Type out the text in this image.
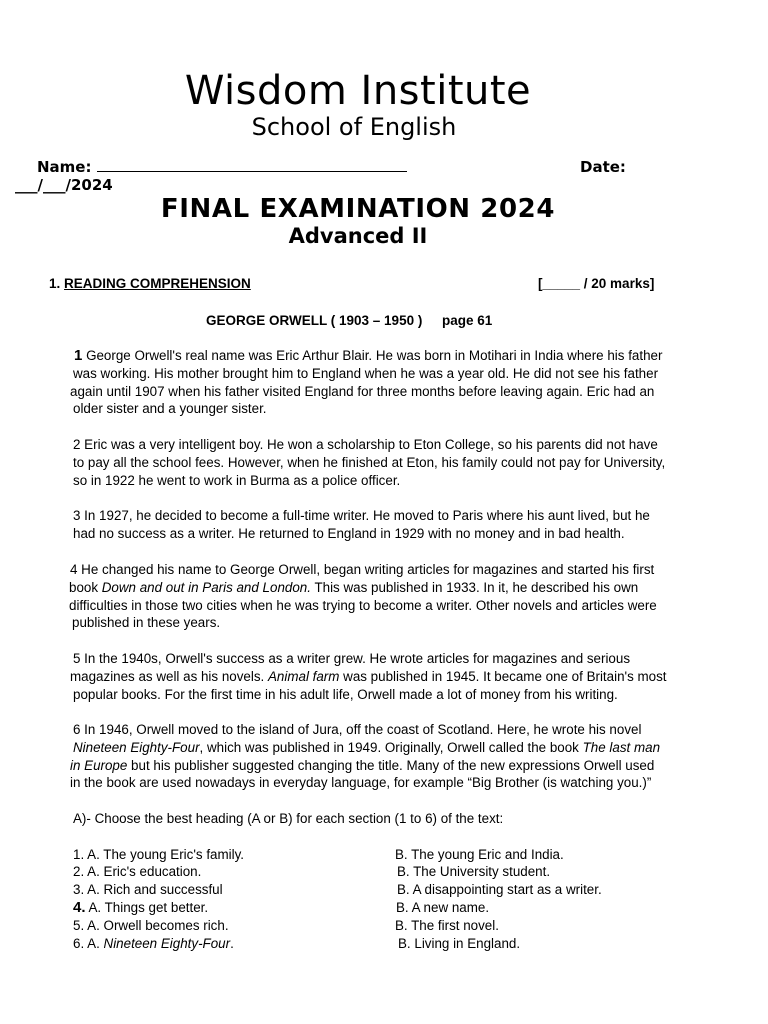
Wisdom Institute
School of English
Name:	Date:
___/___/2024
FINAL EXAMINATION 2024
Advanced II
1. READING COMPREHENSION	[_____ / 20 marks]
GEORGE ORWELL ( 1903 – 1950 ) page 61
1 George Orwell's real name was Eric Arthur Blair. He was born in Motihari in India where his father
was working. His mother brought him to England when he was a year old. He did not see his father
again until 1907 when his father visited England for three months before leaving again. Eric had an
older sister and a younger sister.
2 Eric was a very intelligent boy. He won a scholarship to Eton College, so his parents did not have
to pay all the school fees. However, when he finished at Eton, his family could not pay for University,
so in 1922 he went to work in Burma as a police officer.
3 In 1927, he decided to become a full-time writer. He moved to Paris where his aunt lived, but he
had no success as a writer. He returned to England in 1929 with no money and in bad health.
4 He changed his name to George Orwell, began writing articles for magazines and started his first
book Down and out in Paris and London. This was published in 1933. In it, he described his own
difficulties in those two cities when he was trying to become a writer. Other novels and articles were
published in these years.
5 In the 1940s, Orwell's success as a writer grew. He wrote articles for magazines and serious
magazines as well as his novels. Animal farm was published in 1945. It became one of Britain's most
popular books. For the first time in his adult life, Orwell made a lot of money from his writing.
6 In 1946, Orwell moved to the island of Jura, off the coast of Scotland. Here, he wrote his novel
Nineteen Eighty-Four, which was published in 1949. Originally, Orwell called the book The last man
in Europe but his publisher suggested changing the title. Many of the new expressions Orwell used
in the book are used nowadays in everyday language, for example “Big Brother (is watching you.)”
A)- Choose the best heading (A or B) for each section (1 to 6) of the text:
1. A. The young Eric's family.	B. The young Eric and India.
2. A. Eric's education.	B. The University student.
3. A. Rich and successful	B. A disappointing start as a writer.
4. A. Things get better.	B. A new name.
5. A. Orwell becomes rich.	B. The first novel.
6. A. Nineteen Eighty-Four.	B. Living in England.
